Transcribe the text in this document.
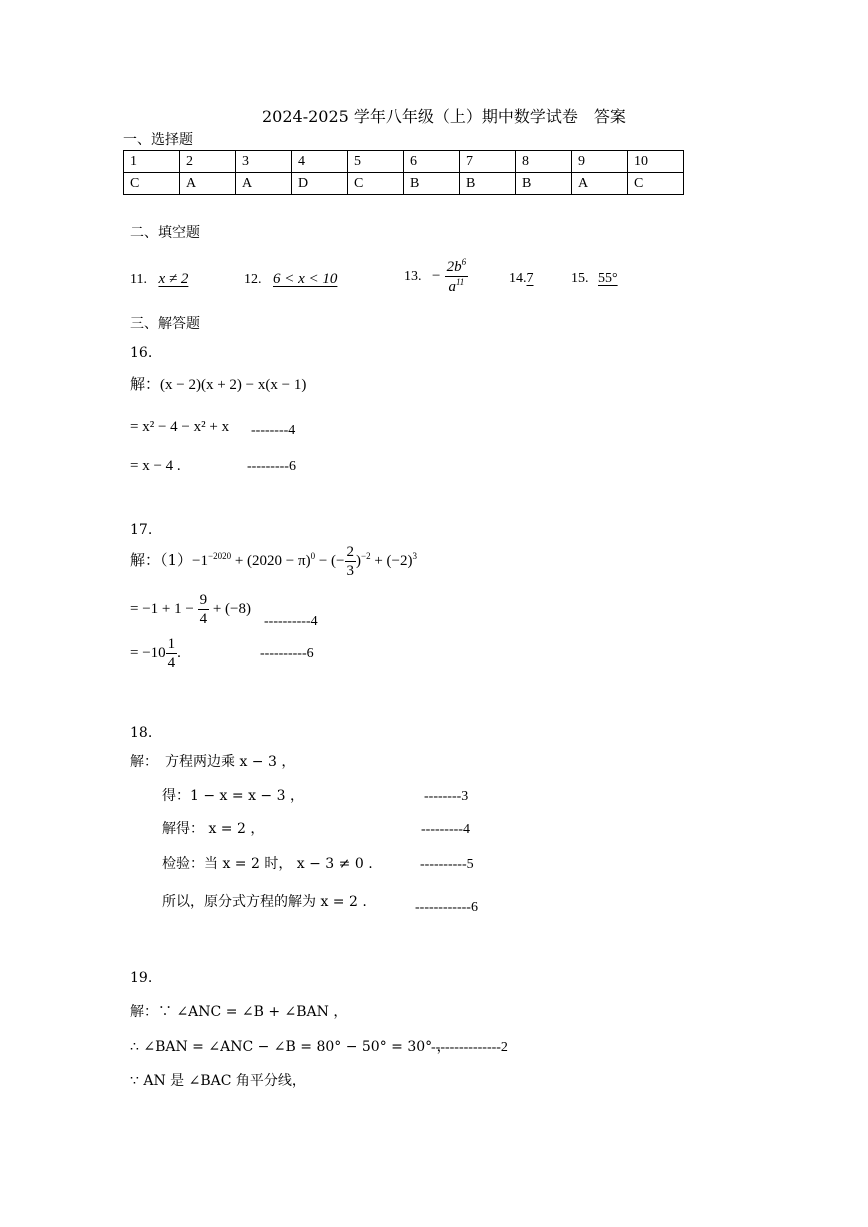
2024-2025 学年八年级（上）期中数学试卷　答案
一、选择题
1	2	3	4	5	6	7	8	9	10
C	A	A	D	C	B	B	B	A	C
二、填空题
11. x ≠ 2	12. 6 < x < 10	13. − $\frac{2b^6}{a^{11}}$	14.7	15. 55°
三、解答题
16.
解：(x − 2)(x + 2) − x(x − 1)
= x² − 4 − x² + x --------4
= x − 4 .	---------6
17.
解：$(1)-1^{-2020} + (2020 - \pi)^0$ − (− $\frac{2}{3} )^{-2} + (-2)^3$
= $-1 + 1 - \frac{9}{4} + (-8)$
----------4
= $-10 \frac{1}{4}$ .	----------6
18.
解：　方程两边乘 x − 3 ，
得：1 − x = x − 3 ，	--------3
解得： x = 2 ，	---------4
检验：当 x = 2 时， x − 3 ≠ 0 .	----------5
所以，原分式方程的解为 x = 2 .	------------6
19.
解：∵ ∠ANC = ∠B + ∠BAN ，
∴ ∠BAN = ∠ANC − ∠B = 80° − 50° = 30° ，
---------------2
∵ AN 是 ∠BAC 角平分线，
